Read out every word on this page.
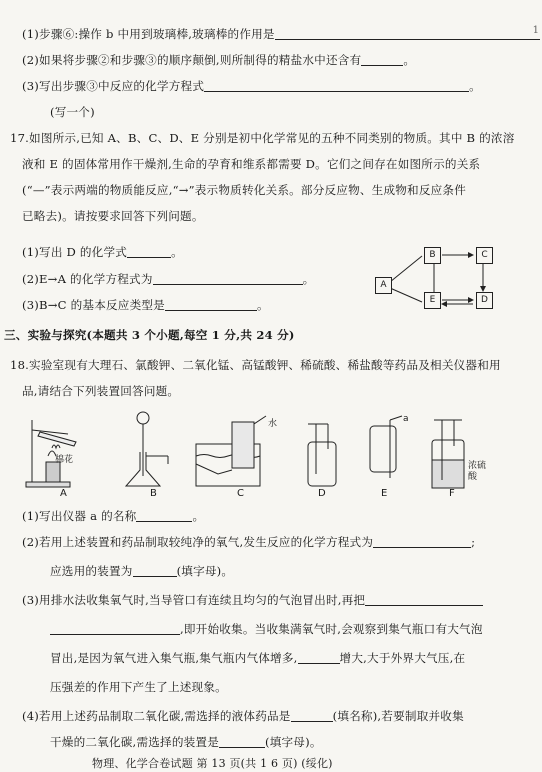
(1)步骤⑥:操作 b 中用到玻璃棒,玻璃棒的作用是	1
(2)如果将步骤②和步骤③的顺序颠倒,则所制得的精盐水中还含有	。
(3)写出步骤③中反应的化学方程式	。
(写一个)
17.如图所示,已知 A、B、C、D、E 分别是初中化学常见的五种不同类别的物质。其中 B 的浓溶
液和 E 的固体常用作干燥剂,生命的孕育和维系都需要 D。它们之间存在如图所示的关系
(“—”表示两端的物质能反应,“→”表示物质转化关系。部分反应物、生成物和反应条件
已略去)。请按要求回答下列问题。
(1)写出 D 的化学式	。
(2)E→A 的化学方程式为	。
(3)B→C 的基本反应类型是	。
A
B	C
D
E
三、实验与探究(本题共 3 个小题,每空 1 分,共 24 分)
18.实验室现有大理石、氯酸钾、二氧化锰、高锰酸钾、稀硫酸、稀盐酸等药品及相关仪器和用
品,请结合下列装置回答问题。
棉花
水	a
浓硫
酸
A	B	C	D	E	F
(1)写出仪器 a 的名称	。
(2)若用上述装置和药品制取较纯净的氧气,发生反应的化学方程式为	;
应选用的装置为	(填字母)。
(3)用排水法收集氧气时,当导管口有连续且均匀的气泡冒出时,再把
,即开始收集。当收集满氧气时,会观察到集气瓶口有大气泡
冒出,是因为氧气进入集气瓶,集气瓶内气体增多,	增大,大于外界大气压,在
压强差的作用下产生了上述现象。
(4)若用上述药品制取二氧化碳,需选择的液体药品是	(填名称),若要制取并收集
干燥的二氧化碳,需选择的装置是	(填字母)。
物理、化学合卷试题 第 13 页(共 1 6 页) (绥化)
